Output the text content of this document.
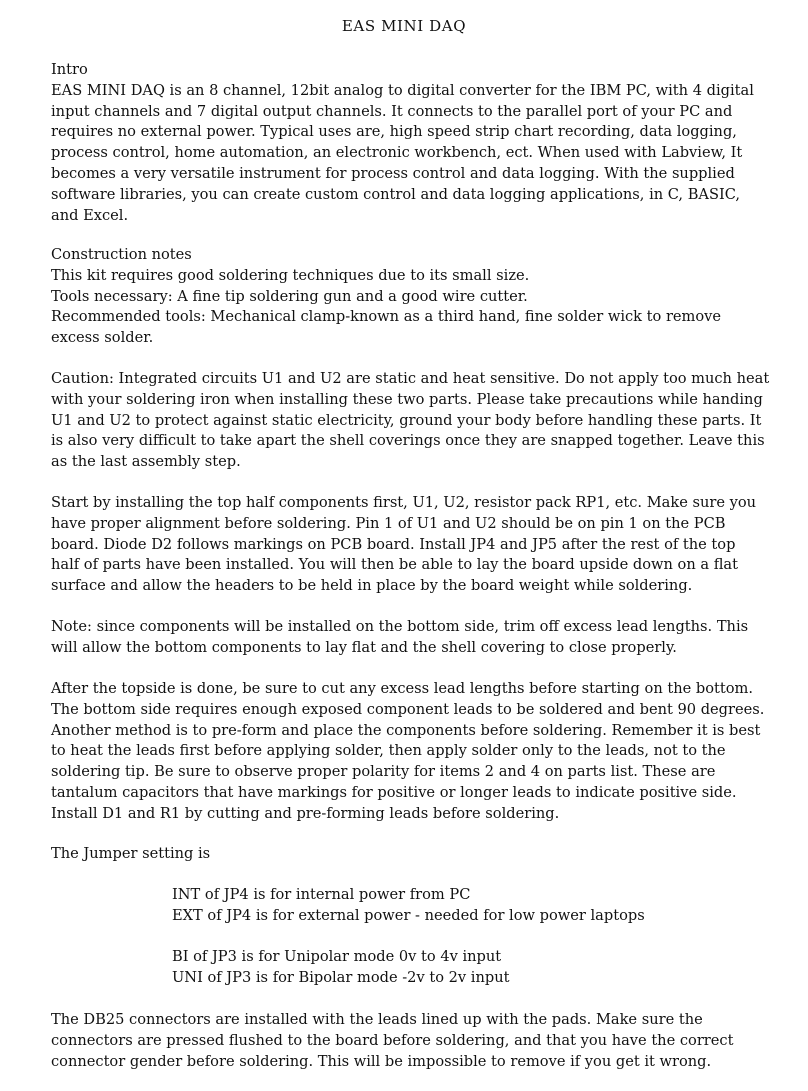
EAS MINI DAQ
Intro
EAS MINI DAQ is an 8 channel, 12bit analog to digital converter for the IBM PC, with 4 digital
input channels and 7 digital output channels. It connects to the parallel port of your PC and
requires no external power. Typical uses are, high speed strip chart recording, data logging,
process control, home automation, an electronic workbench, ect. When used with Labview, It
becomes a very versatile instrument for process control and data logging. With the supplied
software libraries, you can create custom control and data logging applications, in C, BASIC,
and Excel.
Construction notes
This kit requires good soldering techniques due to its small size.
Tools necessary: A fine tip soldering gun and a good wire cutter.
Recommended tools: Mechanical clamp-known as a third hand, fine solder wick to remove
excess solder.
Caution: Integrated circuits U1 and U2 are static and heat sensitive. Do not apply too much heat
with your soldering iron when installing these two parts. Please take precautions while handing
U1 and U2 to protect against static electricity, ground your body before handling these parts. It
is also very difficult to take apart the shell coverings once they are snapped together. Leave this
as the last assembly step.
Start by installing the top half components first, U1, U2, resistor pack RP1, etc. Make sure you
have proper alignment before soldering. Pin 1 of U1 and U2 should be on pin 1 on the PCB
board. Diode D2 follows markings on PCB board. Install JP4 and JP5 after the rest of the top
half of parts have been installed. You will then be able to lay the board upside down on a flat
surface and allow the headers to be held in place by the board weight while soldering.
Note: since components will be installed on the bottom side, trim off excess lead lengths. This
will allow the bottom components to lay flat and the shell covering to close properly.
After the topside is done, be sure to cut any excess lead lengths before starting on the bottom.
The bottom side requires enough exposed component leads to be soldered and bent 90 degrees.
Another method is to pre-form and place the components before soldering. Remember it is best
to heat the leads first before applying solder, then apply solder only to the leads, not to the
soldering tip. Be sure to observe proper polarity for items 2 and 4 on parts list. These are
tantalum capacitors that have markings for positive or longer leads to indicate positive side.
Install D1 and R1 by cutting and pre-forming leads before soldering.
The Jumper setting is
INT of JP4 is for internal power from PC
EXT of JP4 is for external power - needed for low power laptops
BI of JP3 is for Unipolar mode 0v to 4v input
UNI of JP3 is for Bipolar mode -2v to 2v input
The DB25 connectors are installed with the leads lined up with the pads. Make sure the
connectors are pressed flushed to the board before soldering, and that you have the correct
connector gender before soldering. This will be impossible to remove if you get it wrong.
